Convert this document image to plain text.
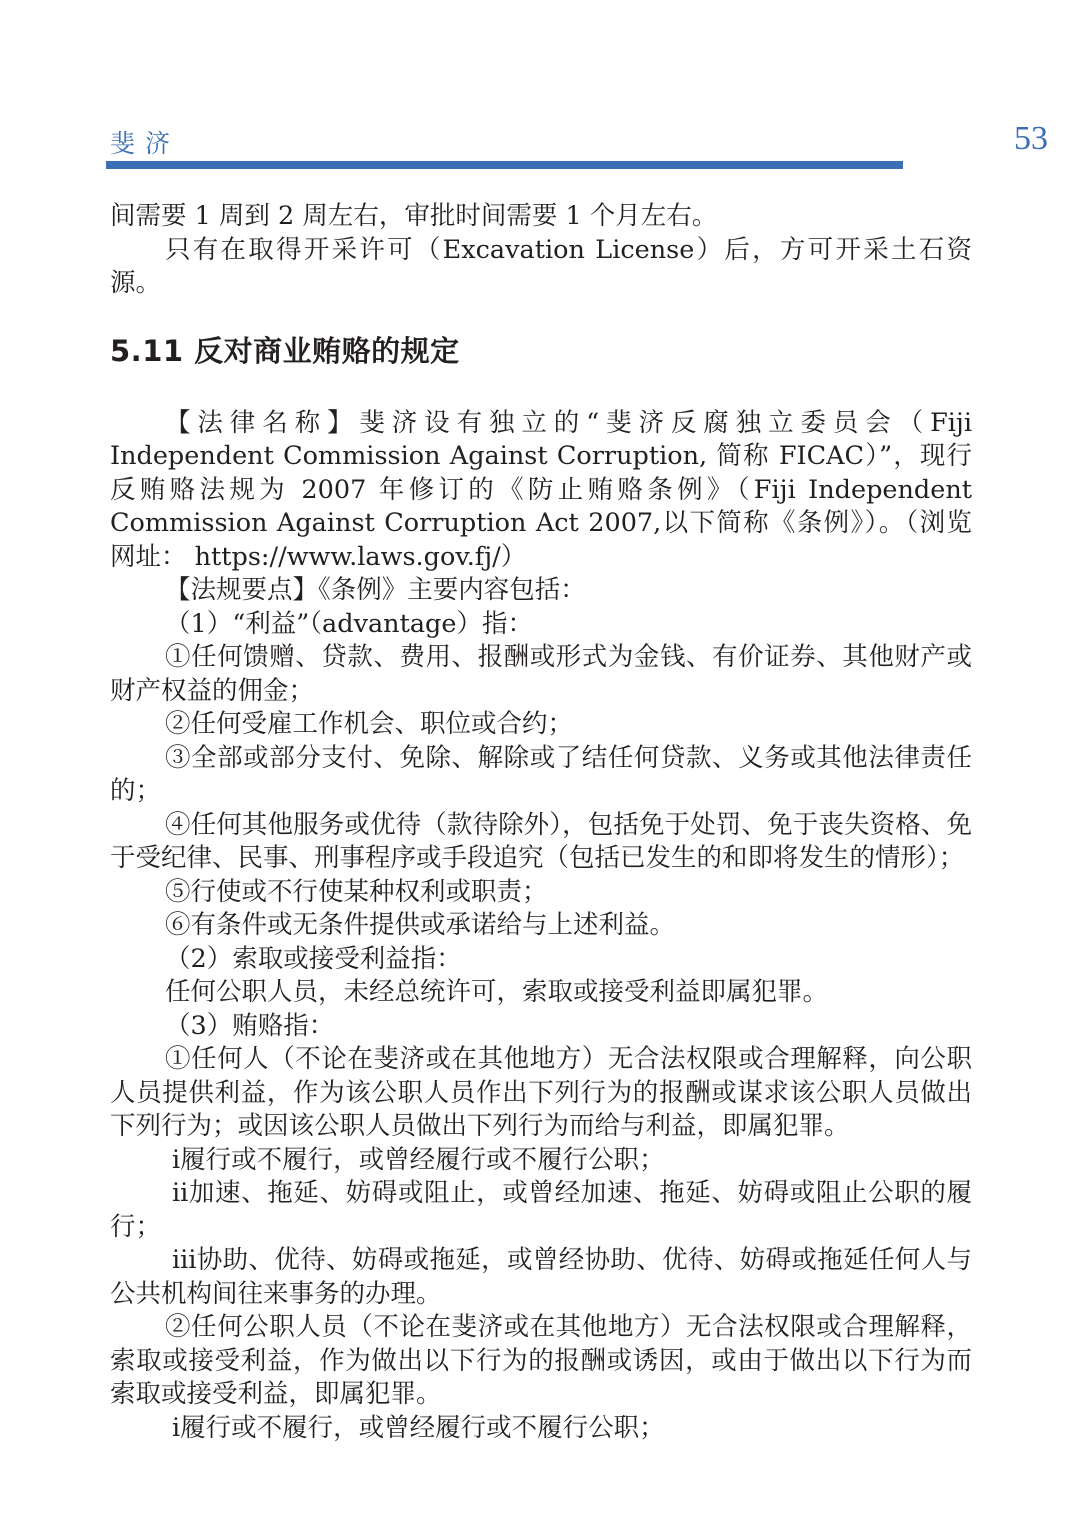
斐济	53

间需要 1 周到 2 周左右，审批时间需要 1 个月左右。

只有在取得开采许可（Excavation License）后，方可开采土石资源。

5.11 反对商业贿赂的规定

【法律名称】斐济设有独立的“斐济反腐独立委员会（Fiji Independent Commission Against Corruption, 简称 FICAC）”，现行反贿赂法规为 2007 年修订的《防止贿赂条例》（Fiji Independent Commission Against Corruption Act 2007,以下简称《条例》）。（浏览网址： https://www.laws.gov.fj/）

【法规要点】《条例》主要内容包括：

（1）“利益”（advantage）指：

①任何馈赠、贷款、费用、报酬或形式为金钱、有价证券、其他财产或财产权益的佣金；

②任何受雇工作机会、职位或合约；

③全部或部分支付、免除、解除或了结任何贷款、义务或其他法律责任的；

④任何其他服务或优待（款待除外），包括免于处罚、免于丧失资格、免于受纪律、民事、刑事程序或手段追究（包括已发生的和即将发生的情形）；

⑤行使或不行使某种权利或职责；

⑥有条件或无条件提供或承诺给与上述利益。

（2）索取或接受利益指：

任何公职人员，未经总统许可，索取或接受利益即属犯罪。

（3）贿赂指：

①任何人（不论在斐济或在其他地方）无合法权限或合理解释，向公职人员提供利益，作为该公职人员作出下列行为的报酬或谋求该公职人员做出下列行为；或因该公职人员做出下列行为而给与利益，即属犯罪。

ⅰ履行或不履行，或曾经履行或不履行公职；

ⅱ加速、拖延、妨碍或阻止，或曾经加速、拖延、妨碍或阻止公职的履行；

ⅲ协助、优待、妨碍或拖延，或曾经协助、优待、妨碍或拖延任何人与公共机构间往来事务的办理。

②任何公职人员（不论在斐济或在其他地方）无合法权限或合理解释，索取或接受利益，作为做出以下行为的报酬或诱因，或由于做出以下行为而索取或接受利益，即属犯罪。

ⅰ履行或不履行，或曾经履行或不履行公职；
